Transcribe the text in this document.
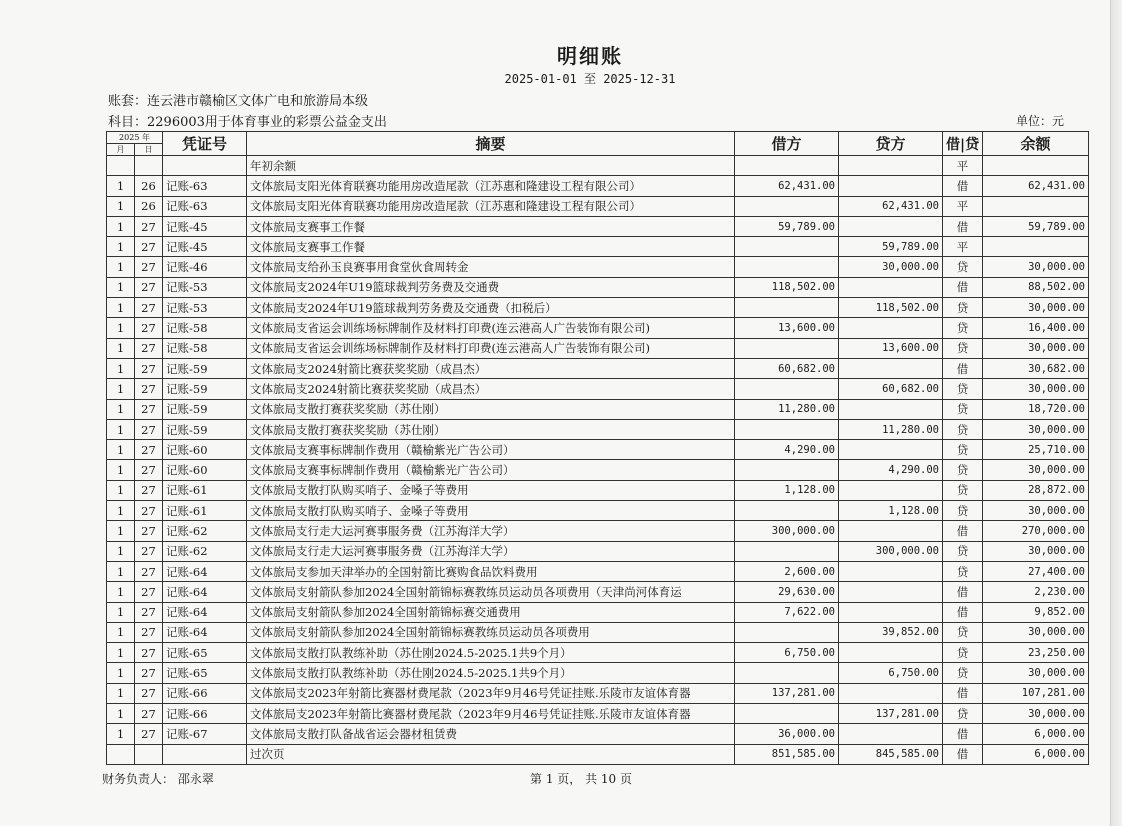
明细账
2025-01-01 至 2025-12-31
账套：连云港市赣榆区文体广电和旅游局本级
科目：2296003用于体育事业的彩票公益金支出	单位：元
2025 年		凭证号	摘要	借方	贷方	借|贷	余额
月	日						
			年初余额			平	
1	26	记账-63	文体旅局支阳光体育联赛功能用房改造尾款（江苏惠和隆建设工程有限公司）	62,431.00		借	62,431.00
1	26	记账-63	文体旅局支阳光体育联赛功能用房改造尾款（江苏惠和隆建设工程有限公司）		62,431.00	平	
1	27	记账-45	文体旅局支赛事工作餐	59,789.00		借	59,789.00
1	27	记账-45	文体旅局支赛事工作餐		59,789.00	平	
1	27	记账-46	文体旅局支给孙玉良赛事用食堂伙食周转金		30,000.00	贷	30,000.00
1	27	记账-53	文体旅局支2024年U19篮球裁判劳务费及交通费	118,502.00		借	88,502.00
1	27	记账-53	文体旅局支2024年U19篮球裁判劳务费及交通费（扣税后）		118,502.00	贷	30,000.00
1	27	记账-58	文体旅局支省运会训练场标牌制作及材料打印费(连云港高人广告装饰有限公司)	13,600.00		贷	16,400.00
1	27	记账-58	文体旅局支省运会训练场标牌制作及材料打印费(连云港高人广告装饰有限公司)		13,600.00	贷	30,000.00
1	27	记账-59	文体旅局支2024射箭比赛获奖奖励（成昌杰）	60,682.00		借	30,682.00
1	27	记账-59	文体旅局支2024射箭比赛获奖奖励（成昌杰）		60,682.00	贷	30,000.00
1	27	记账-59	文体旅局支散打赛获奖奖励（苏仕刚）	11,280.00		贷	18,720.00
1	27	记账-59	文体旅局支散打赛获奖奖励（苏仕刚）		11,280.00	贷	30,000.00
1	27	记账-60	文体旅局支赛事标牌制作费用（赣榆紫光广告公司）	4,290.00		贷	25,710.00
1	27	记账-60	文体旅局支赛事标牌制作费用（赣榆紫光广告公司）		4,290.00	贷	30,000.00
1	27	记账-61	文体旅局支散打队购买哨子、金嗓子等费用	1,128.00		贷	28,872.00
1	27	记账-61	文体旅局支散打队购买哨子、金嗓子等费用		1,128.00	贷	30,000.00
1	27	记账-62	文体旅局支行走大运河赛事服务费（江苏海洋大学）	300,000.00		借	270,000.00
1	27	记账-62	文体旅局支行走大运河赛事服务费（江苏海洋大学）		300,000.00	贷	30,000.00
1	27	记账-64	文体旅局支参加天津举办的全国射箭比赛购食品饮料费用	2,600.00		贷	27,400.00
1	27	记账-64	文体旅局支射箭队参加2024全国射箭锦标赛教练员运动员各项费用（天津尚河体育运	29,630.00		借	2,230.00
1	27	记账-64	文体旅局支射箭队参加2024全国射箭锦标赛交通费用	7,622.00		借	9,852.00
1	27	记账-64	文体旅局支射箭队参加2024全国射箭锦标赛教练员运动员各项费用		39,852.00	贷	30,000.00
1	27	记账-65	文体旅局支散打队教练补助（苏仕刚2024.5-2025.1共9个月）	6,750.00		贷	23,250.00
1	27	记账-65	文体旅局支散打队教练补助（苏仕刚2024.5-2025.1共9个月）		6,750.00	贷	30,000.00
1	27	记账-66	文体旅局支2023年射箭比赛器材费尾款（2023年9月46号凭证挂账.乐陵市友谊体育器	137,281.00		借	107,281.00
1	27	记账-66	文体旅局支2023年射箭比赛器材费尾款（2023年9月46号凭证挂账.乐陵市友谊体育器		137,281.00	贷	30,000.00
1	27	记账-67	文体旅局支散打队备战省运会器材租赁费	36,000.00		借	6,000.00
			过次页	851,585.00	845,585.00	借	6,000.00
财务负责人： 邵永翠	第 1 页， 共 10 页
